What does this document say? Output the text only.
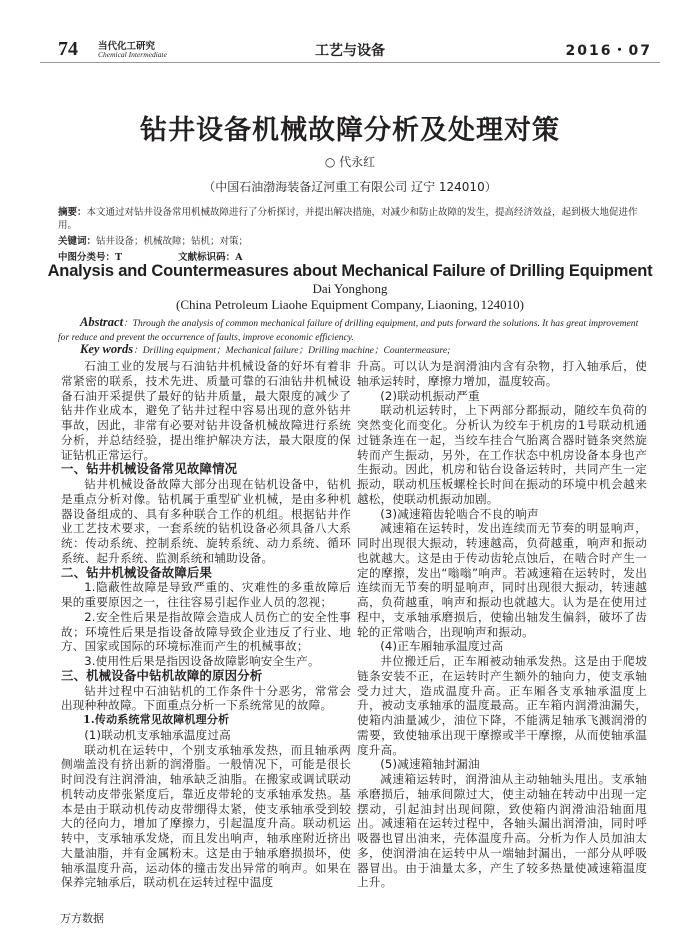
74 当代化工研究
Chemical Intermediate	工艺与设备	2016・07
钻井设备机械故障分析及处理对策
○ 代永红
（中国石油渤海装备辽河重工有限公司 辽宁 124010）
摘要：本文通过对钻井设备常用机械故障进行了分析探讨，并提出解决措施，对减少和防止故障的发生，提高经济效益，起到极大地促进作用。
关键词：钻井设备；机械故障；钻机；对策；
中图分类号：T	文献标识码：A
Analysis and Countermeasures about Mechanical Failure of Drilling Equipment
Dai Yonghong
(China Petroleum Liaohe Equipment Company, Liaoning, 124010)
Abstract：Through the analysis of common mechanical failure of drilling equipment, and puts forward the solutions. It has great improvement for reduce and prevent the occurrence of faults, improve economic efficiency.
Key words：Drilling equipment；Mechanical failure；Drilling machine；Countermeasure;
石油工业的发展与石油钻井机械设备的好坏有着非常紧密的联系，技术先进、质量可靠的石油钻井机械设备石油开采提供了最好的钻井质量，最大限度的减少了钻井作业成本，避免了钻井过程中容易出现的意外钻井事故，因此，非常有必要对钻井设备机械故障进行系统分析，并总结经验，提出维护解决方法，最大限度的保证钻机正常运行。
一、钻井机械设备常见故障情况
钻井机械设备故障大部分出现在钻机设备中，钻机是重点分析对像。钻机属于重型矿业机械，是由多种机器设备组成的、具有多种联合工作的机组。根据钻井作业工艺技术要求，一套系统的钻机设备必须具备八大系统：传动系统、控制系统、旋转系统、动力系统、循环系统、起升系统、监测系统和辅助设备。
二、钻井机械设备故障后果
1.隐蔽性故障是导致严重的、灾难性的多重故障后果的重要原因之一，往往容易引起作业人员的忽视；
2.安全性后果是指故障会造成人员伤亡的安全性事故；环境性后果是指设备故障导致企业违反了行业、地方、国家或国际的环境标准而产生的机械事故；
3.使用性后果是指因设备故障影响安全生产。
三、机械设备中钻机故障的原因分析
钻井过程中石油钻机的工作条件十分恶劣，常常会出现种种故障。下面重点分析一下系统常见的故障。
1.传动系统常见故障机理分析
(1)联动机支承轴承温度过高
联动机在运转中，个别支承轴承发热，而且轴承两侧端盖没有挤出新的润滑脂。一般情况下，可能是很长时间没有注润滑油，轴承缺乏油脂。在搬家或调试联动机转动皮带张紧度后，靠近皮带轮的支承轴承发热。基本是由于联动机传动皮带绷得太紧，使支承轴承受到较大的径向力，增加了摩擦力，引起温度升高。联动机运转中，支承轴承发烧，而且发出响声，轴承座附近挤出大量油脂，并有金属粉末。这是由于轴承磨损损坏，使轴承温度升高，运动体的撞击发出异常的响声。如果在保养完轴承后，联动机在运转过程中温度
升高。可以认为是润滑油内含有杂物，打入轴承后，使轴承运转时，摩擦力增加，温度较高。
(2)联动机振动严重
联动机运转时，上下两部分都振动，随绞车负荷的突然变化而变化。分析认为绞车于机房的1号联动机通过链条连在一起，当绞车挂合气胎离合器时链条突然旋转而产生振动，另外，在工作状态中机房设备本身也产生振动。因此，机房和钻台设备运转时，共同产生一定振动，联动机压板螺栓长时间在振动的环境中机会越来越松，使联动机振动加剧。
(3)减速箱齿轮啮合不良的响声
减速箱在运转时，发出连续而无节奏的明显响声，同时出现很大振动，转速越高，负荷越重，响声和振动也就越大。这是由于传动齿轮点蚀后，在啮合时产生一定的摩擦，发出“嗡嗡”响声。若减速箱在运转时，发出连续而无节奏的明显响声，同时出现很大振动，转速越高，负荷越重，响声和振动也就越大。认为是在使用过程中，支承轴承磨损后，使输出轴发生偏斜，破坏了齿轮的正常啮合，出现响声和振动。
(4)正车厢轴承温度过高
井位搬迁后，正车厢被动轴承发热。这是由于爬坡链条安装不正，在运转时产生额外的轴向力，使支承轴受力过大，造成温度升高。正车厢各支承轴承温度上升，被动支承轴承的温度最高。正车箱内润滑油漏失，使箱内油量减少，油位下降，不能满足轴承飞溅润滑的需要，致使轴承出现干摩擦或半干摩擦，从而使轴承温度升高。
(5)减速箱轴封漏油
减速箱运转时，润滑油从主动轴轴头甩出。支承轴承磨损后，轴承间隙过大，使主动轴在转动中出现一定摆动，引起油封出现间隙，致使箱内润滑油沿轴面甩出。减速箱在运转过程中，各轴头漏出润滑油，同时呼吸器也冒出油来，壳体温度升高。分析为作人员加油太多，使润滑油在运转中从一端轴封漏出，一部分从呼吸器冒出。由于油量太多，产生了较多热量使减速箱温度上升。
万方数据
